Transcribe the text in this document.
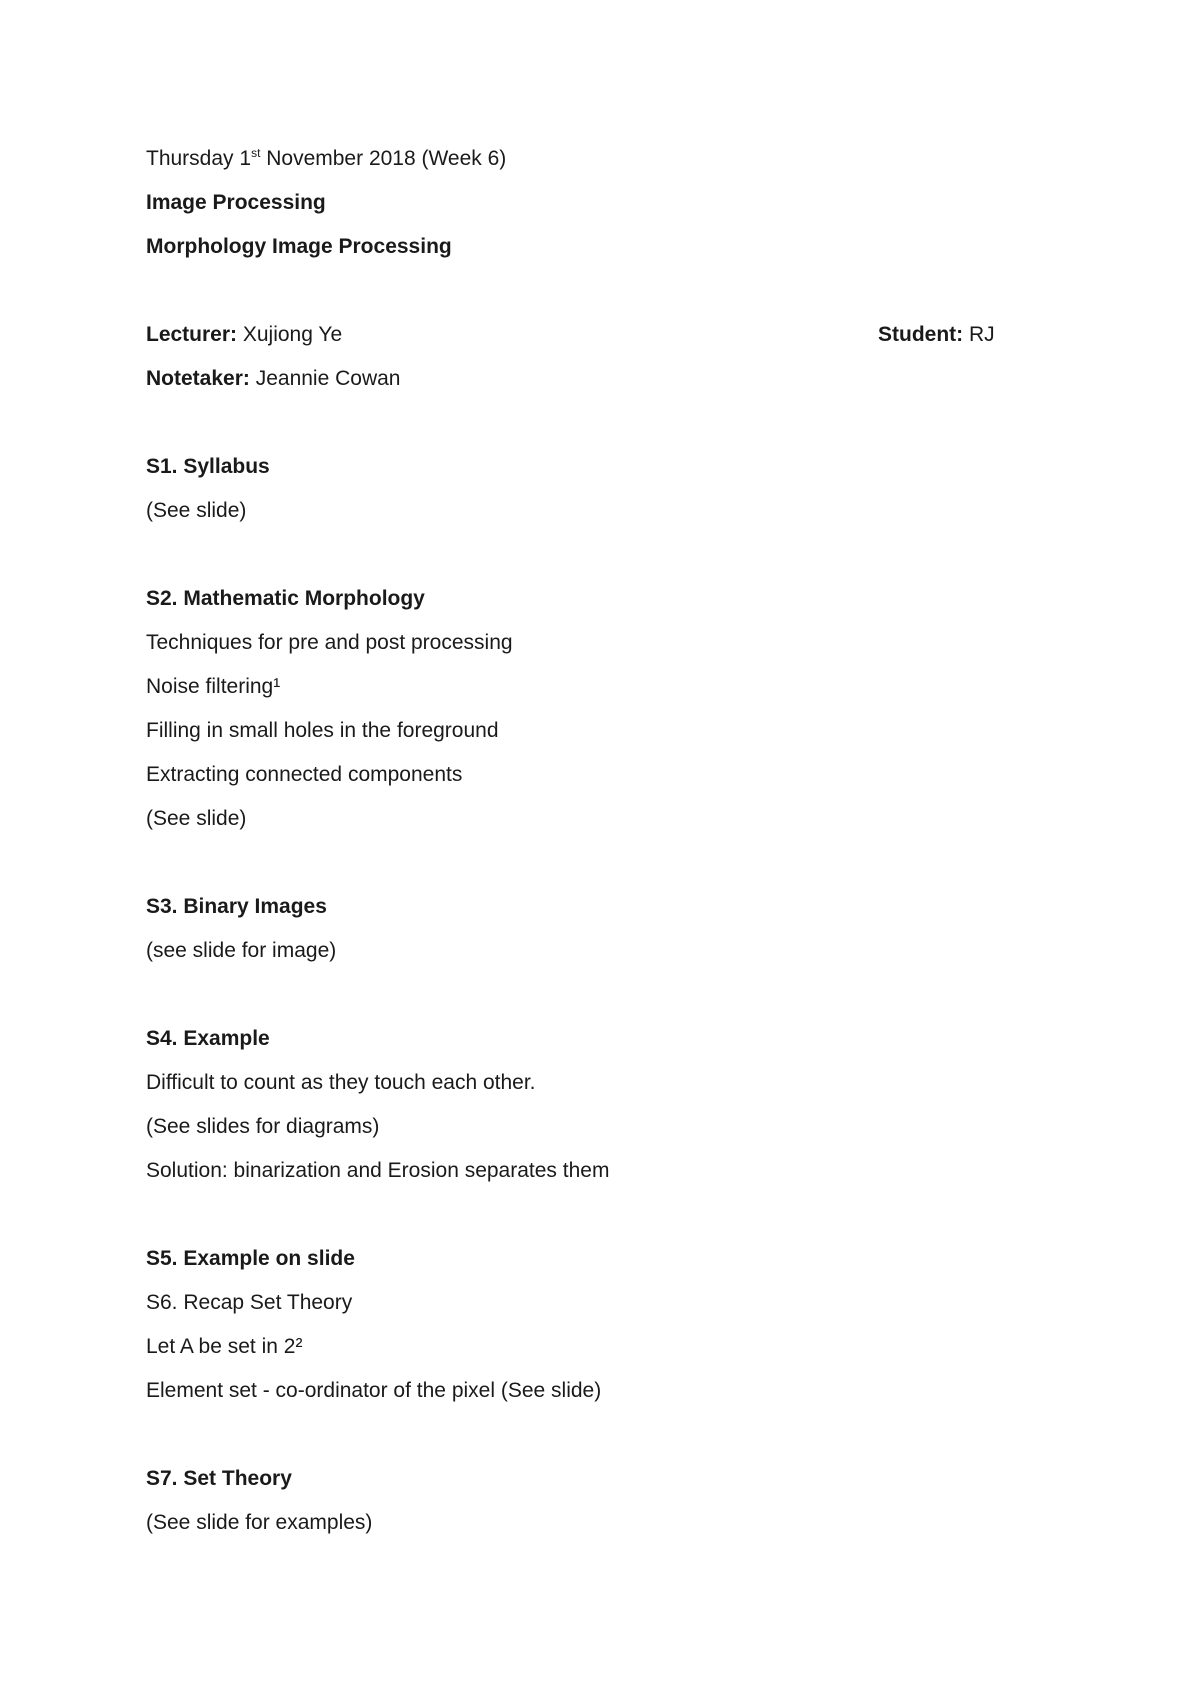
Thursday 1st November 2018 (Week 6)
Image Processing
Morphology Image Processing
Lecturer: Xujiong Ye	Student: RJ
Notetaker: Jeannie Cowan
S1. Syllabus
(See slide)
S2. Mathematic Morphology
Techniques for pre and post processing
Noise filtering¹
Filling in small holes in the foreground
Extracting connected components
(See slide)
S3. Binary Images
(see slide for image)
S4. Example
Difficult to count as they touch each other.
(See slides for diagrams)
Solution: binarization and Erosion separates them
S5. Example on slide
S6. Recap Set Theory
Let A be set in 2²
Element set - co-ordinator of the pixel (See slide)
S7. Set Theory
(See slide for examples)
